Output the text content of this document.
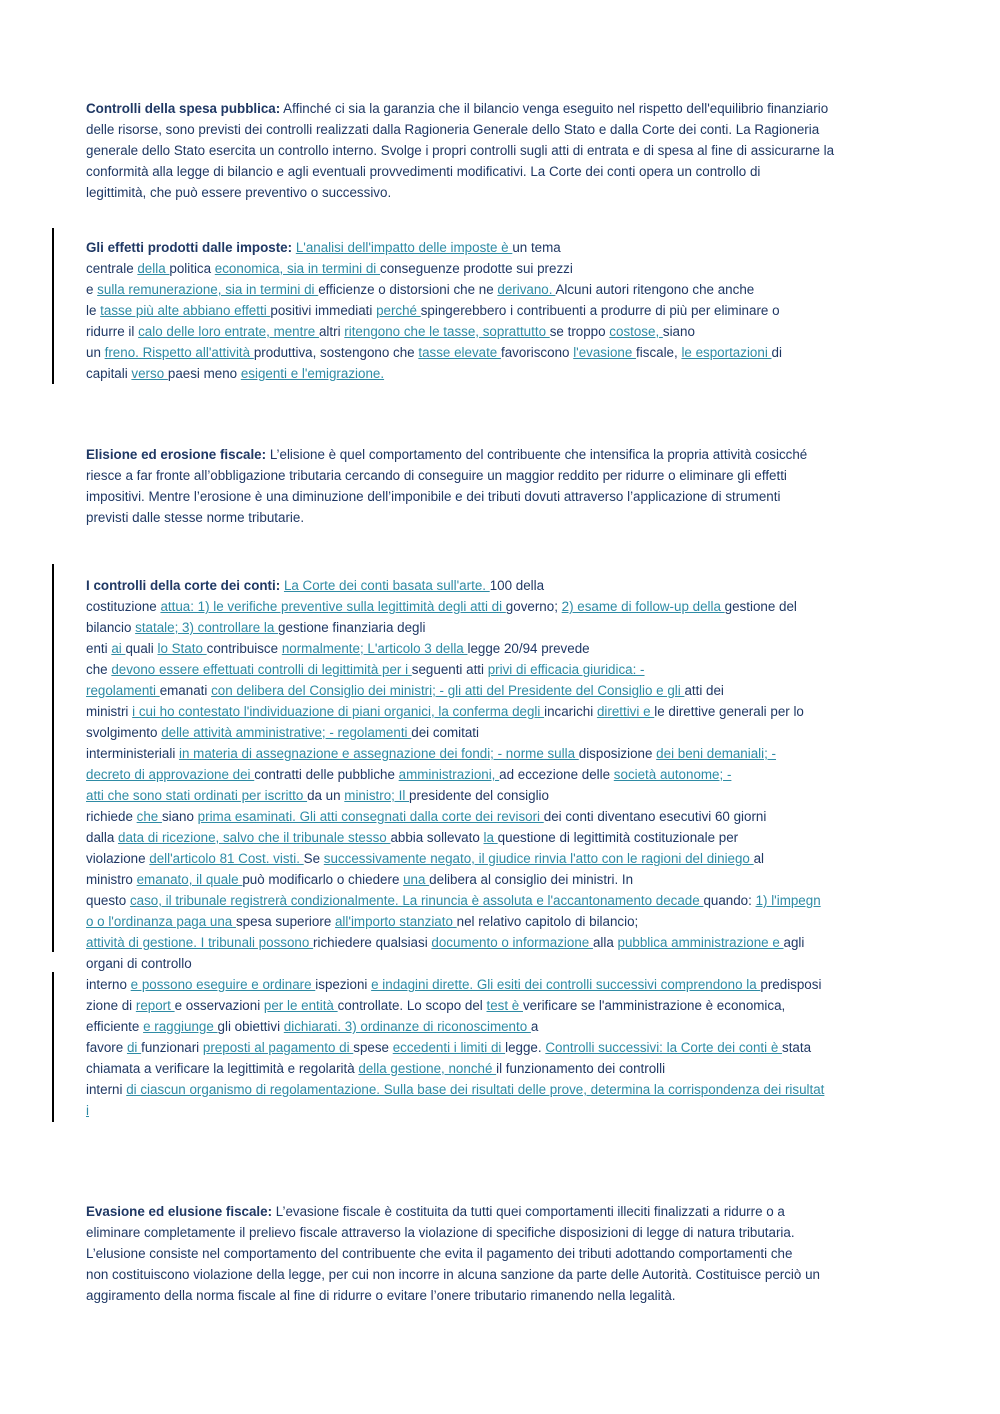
Controlli della spesa pubblica: Affinché ci sia la garanzia che il bilancio venga eseguito nel rispetto dell'equilibrio finanziario
delle risorse, sono previsti dei controlli realizzati dalla Ragioneria Generale dello Stato e dalla Corte dei conti. La Ragioneria
generale dello Stato esercita un controllo interno. Svolge i propri controlli sugli atti di entrata e di spesa al fine di assicurarne la
conformità alla legge di bilancio e agli eventuali provvedimenti modificativi. La Corte dei conti opera un controllo di
legittimità, che può essere preventivo o successivo.
Gli effetti prodotti dalle imposte: L'analisi dell'impatto delle imposte è un tema
centrale della politica economica, sia in termini di conseguenze prodotte sui prezzi
e sulla remunerazione, sia in termini di efficienze o distorsioni che ne derivano. Alcuni autori ritengono che anche
le tasse più alte abbiano effetti positivi immediati perché spingerebbero i contribuenti a produrre di più per eliminare o
ridurre il calo delle loro entrate, mentre altri ritengono che le tasse, soprattutto se troppo costose, siano
un freno. Rispetto all'attività produttiva, sostengono che tasse elevate favoriscono l'evasione fiscale, le esportazioni di
capitali verso paesi meno esigenti e l'emigrazione.
Elisione ed erosione fiscale: L’elisione è quel comportamento del contribuente che intensifica la propria attività cosicché
riesce a far fronte all’obbligazione tributaria cercando di conseguire un maggior reddito per ridurre o eliminare gli effetti
impositivi. Mentre l’erosione è una diminuzione dell’imponibile e dei tributi dovuti attraverso l’applicazione di strumenti
previsti dalle stesse norme tributarie.
I controlli della corte dei conti: La Corte dei conti basata sull'arte. 100 della
costituzione attua: 1) le verifiche preventive sulla legittimità degli atti di governo; 2) esame di follow-up della gestione del
bilancio statale; 3) controllare la gestione finanziaria degli
enti ai quali lo Stato contribuisce normalmente; L'articolo 3 della legge 20/94 prevede
che devono essere effettuati controlli di legittimità per i seguenti atti privi di efficacia giuridica: -
regolamenti emanati con delibera del Consiglio dei ministri; - gli atti del Presidente del Consiglio e gli atti dei
ministri i cui ho contestato l'individuazione di piani organici, la conferma degli incarichi direttivi e le direttive generali per lo
svolgimento delle attività amministrative; - regolamenti dei comitati
interministeriali in materia di assegnazione e assegnazione dei fondi; - norme sulla disposizione dei beni demaniali; -
decreto di approvazione dei contratti delle pubbliche amministrazioni, ad eccezione delle società autonome; -
atti che sono stati ordinati per iscritto da un ministro; Il presidente del consiglio
richiede che siano prima esaminati. Gli atti consegnati dalla corte dei revisori dei conti diventano esecutivi 60 giorni
dalla data di ricezione, salvo che il tribunale stesso abbia sollevato la questione di legittimità costituzionale per
violazione dell'articolo 81 Cost. visti. Se successivamente negato, il giudice rinvia l'atto con le ragioni del diniego al
ministro emanato, il quale può modificarlo o chiedere una delibera al consiglio dei ministri. In
questo caso, il tribunale registrerà condizionalmente. La rinuncia è assoluta e l'accantonamento decade quando: 1) l'impegn
o o l'ordinanza paga una spesa superiore all'importo stanziato nel relativo capitolo di bilancio;
attività di gestione. I tribunali possono richiedere qualsiasi documento o informazione alla pubblica amministrazione e agli
organi di controllo
interno e possono eseguire e ordinare ispezioni e indagini dirette. Gli esiti dei controlli successivi comprendono la predisposi
zione di report e osservazioni per le entità controllate. Lo scopo del test è verificare se l'amministrazione è economica,
efficiente e raggiunge gli obiettivi dichiarati. 3) ordinanze di riconoscimento a
favore di funzionari preposti al pagamento di spese eccedenti i limiti di legge. Controlli successivi: la Corte dei conti è stata
chiamata a verificare la legittimità e regolarità della gestione, nonché il funzionamento dei controlli
interni di ciascun organismo di regolamentazione. Sulla base dei risultati delle prove, determina la corrispondenza dei risultat
i
Evasione ed elusione fiscale: L’evasione fiscale è costituita da tutti quei comportamenti illeciti finalizzati a ridurre o a
eliminare completamente il prelievo fiscale attraverso la violazione di specifiche disposizioni di legge di natura tributaria.
L’elusione consiste nel comportamento del contribuente che evita il pagamento dei tributi adottando comportamenti che
non costituiscono violazione della legge, per cui non incorre in alcuna sanzione da parte delle Autorità. Costituisce perciò un
aggiramento della norma fiscale al fine di ridurre o evitare l’onere tributario rimanendo nella legalità.
